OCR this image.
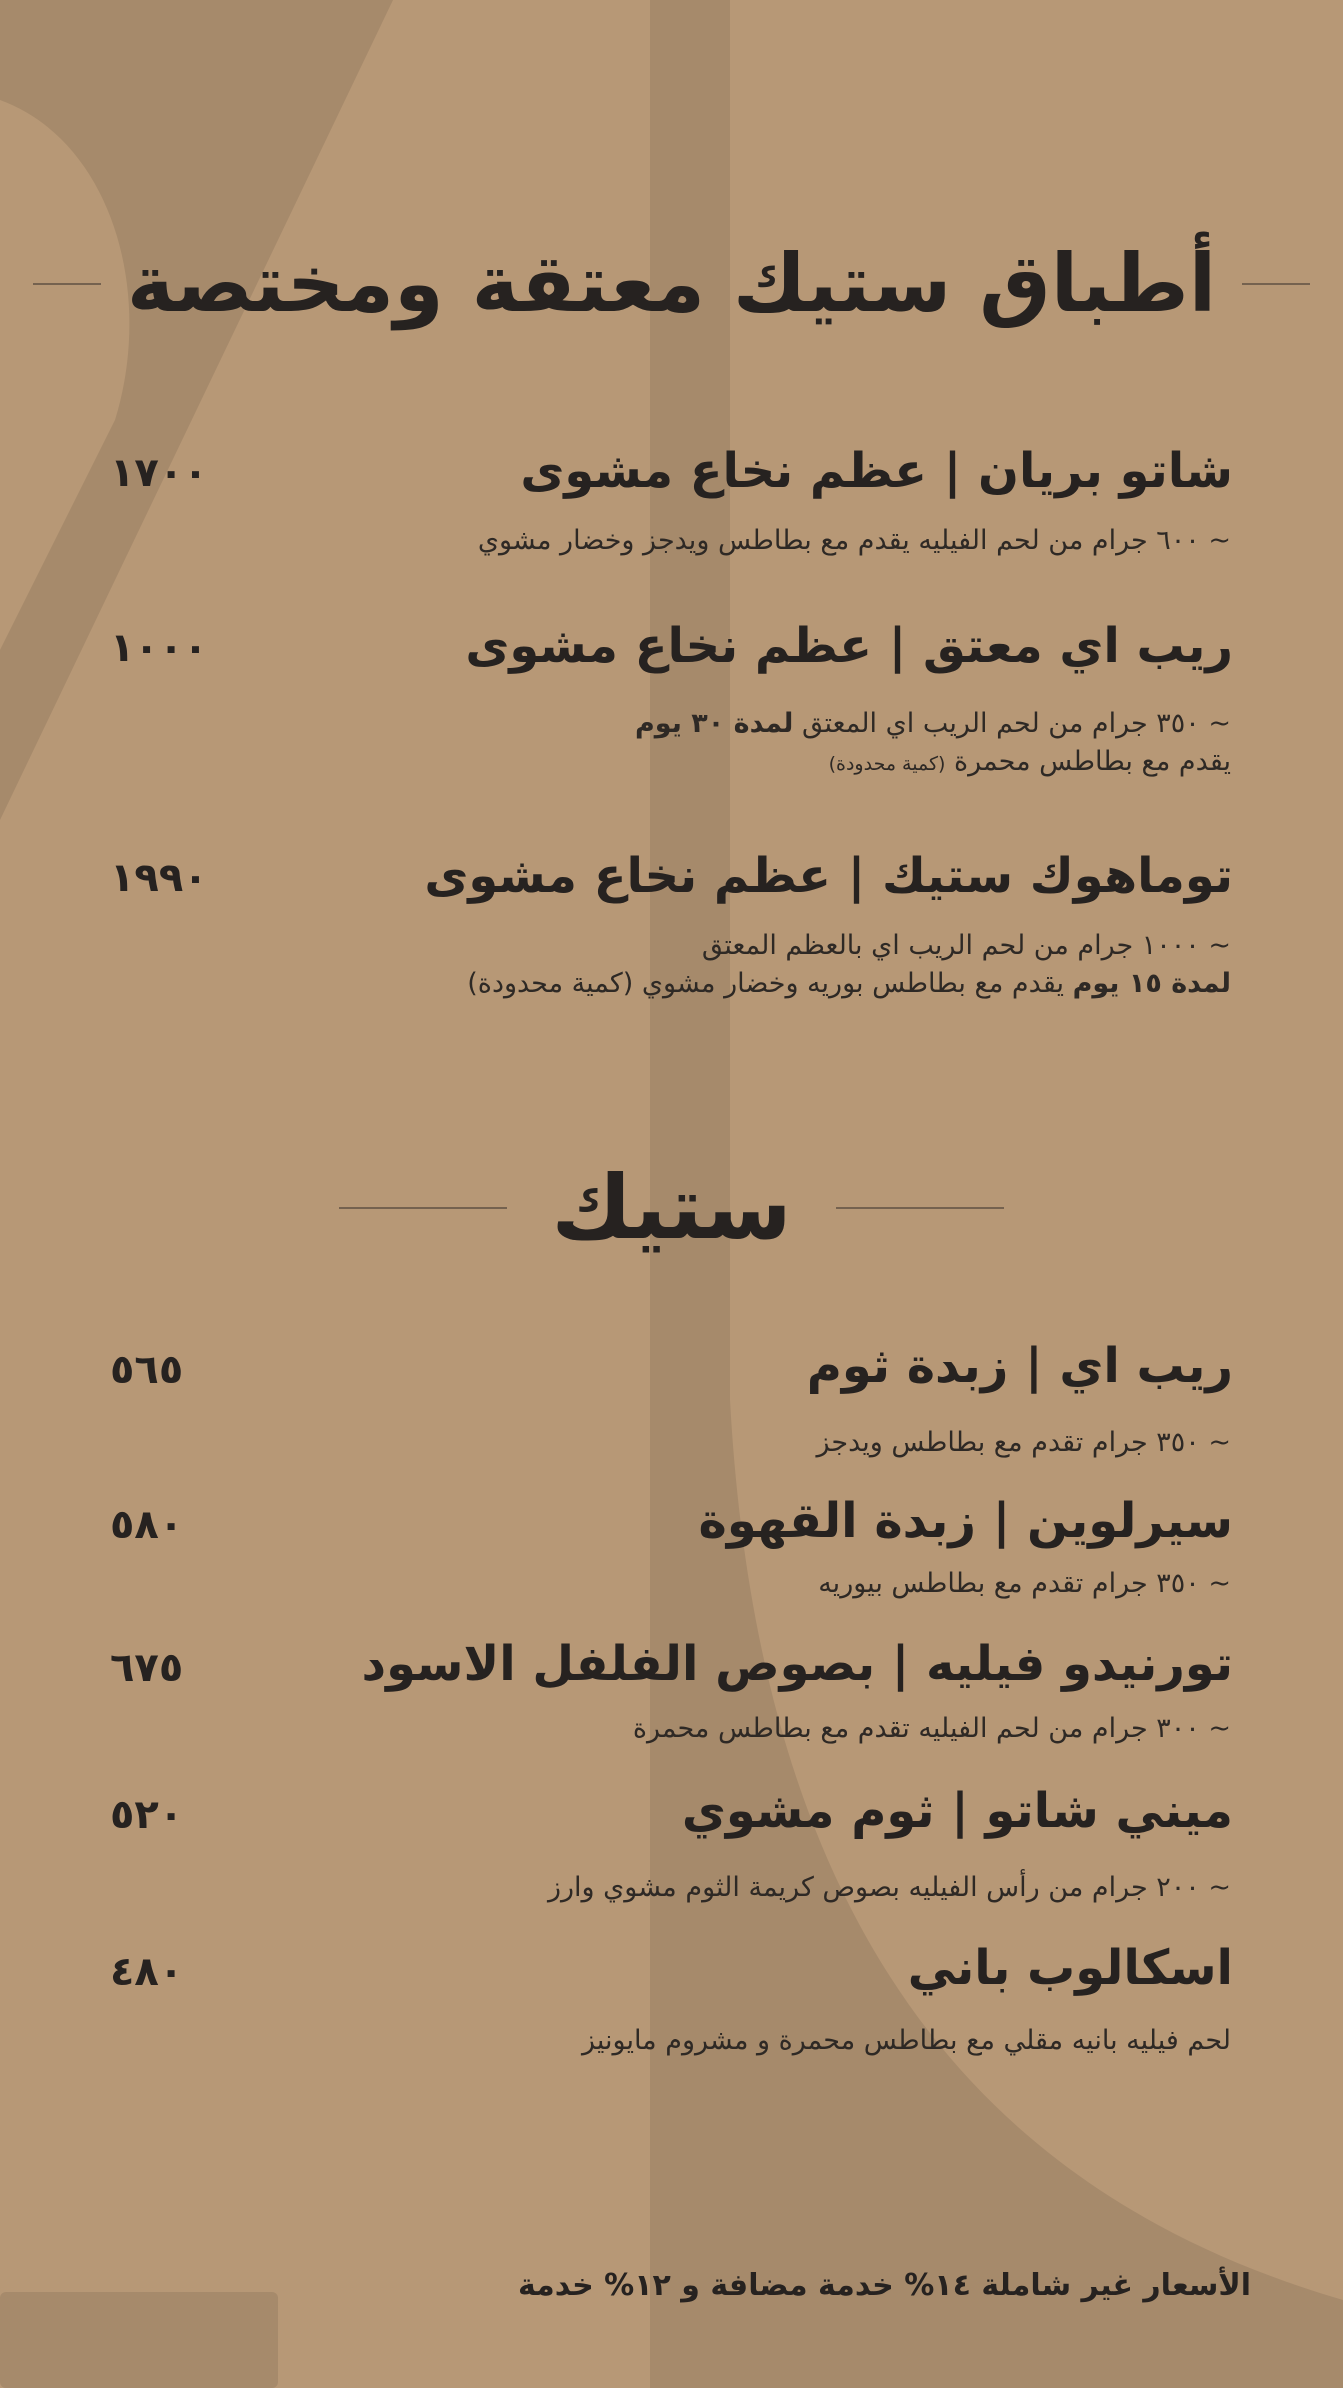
أطباق ستيك معتقة ومختصة
شاتو بريان | عظم نخاع مشوى
١٧٠٠
~ ٦٠٠ جرام من لحم الفيليه يقدم مع بطاطس ويدجز وخضار مشوي
ريب اي معتق | عظم نخاع مشوى
١٠٠٠
~ ٣٥٠ جرام من لحم الريب اي المعتق لمدة ٣٠ يوم
يقدم مع بطاطس محمرة (كمية محدودة)
توماهوك ستيك | عظم نخاع مشوى
١٩٩٠
~ ١٠٠٠ جرام من لحم الريب اي بالعظم المعتق
لمدة ١٥ يوم يقدم مع بطاطس بوريه وخضار مشوي (كمية محدودة)
ستيك
ريب اي | زبدة ثوم
٥٦٥
~ ٣٥٠ جرام تقدم مع بطاطس ويدجز
سيرلوين | زبدة القهوة
٥٨٠
~ ٣٥٠ جرام تقدم مع بطاطس بيوريه
تورنيدو فيليه | بصوص الفلفل الاسود
٦٧٥
~ ٣٠٠ جرام من لحم الفيليه تقدم مع بطاطس محمرة
ميني شاتو | ثوم مشوي
٥٢٠
~ ٢٠٠ جرام من رأس الفيليه بصوص كريمة الثوم مشوي وارز
اسكالوب باني
٤٨٠
لحم فيليه بانيه مقلي مع بطاطس محمرة و مشروم مايونيز
الأسعار غير شاملة ١٤% خدمة مضافة و ١٢% خدمة
